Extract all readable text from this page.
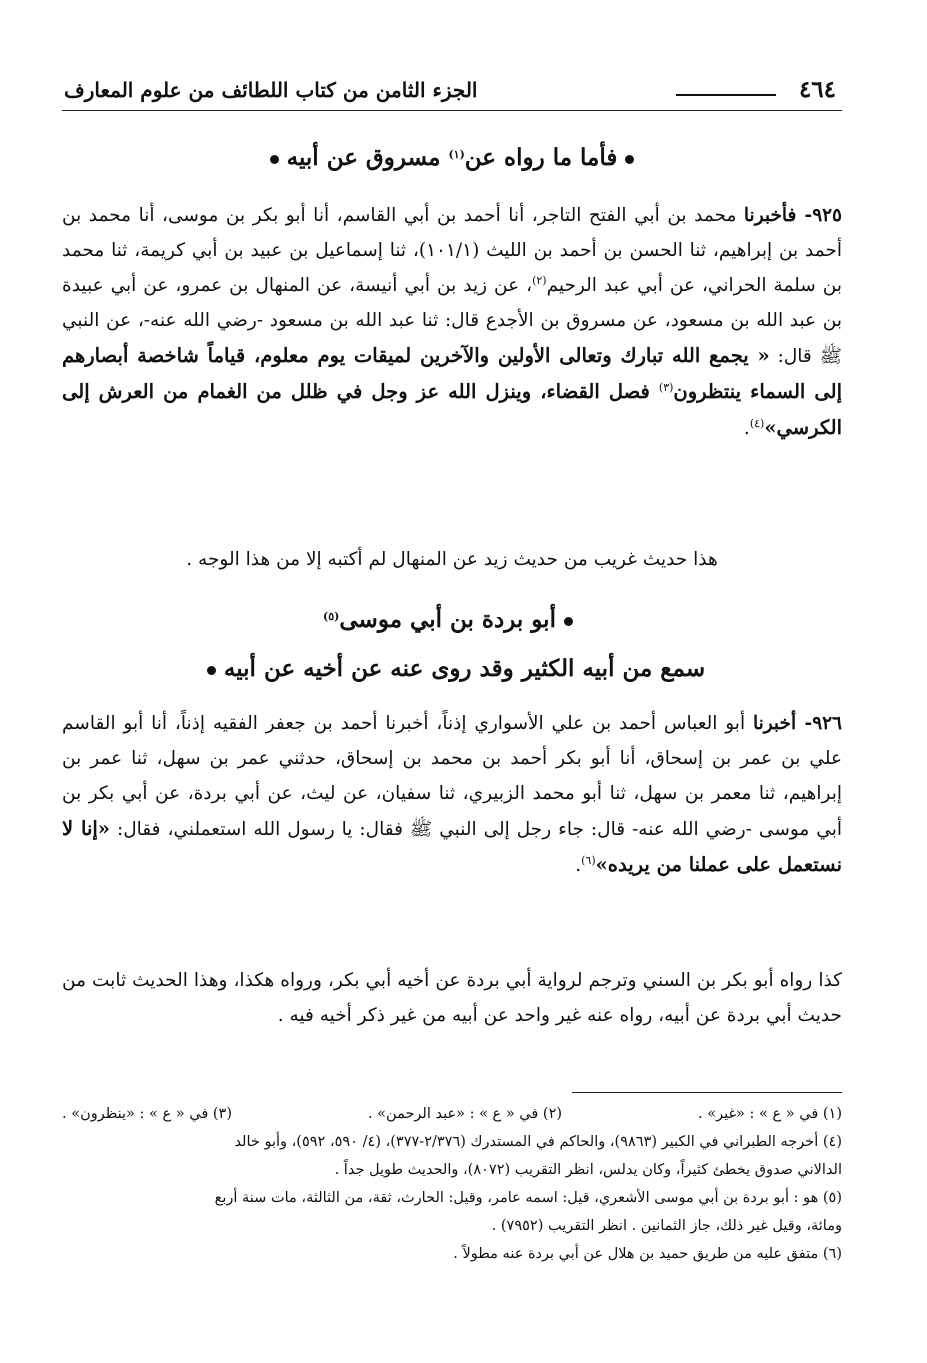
٤٦٤
الجزء الثامن من كتاب اللطائف من علوم المعارف
فأما ما رواه عن$^{(١)}$ مسروق عن أبيه

٩٢٥- فأخبرنا محمد بن أبي الفتح التاجر، أنا أحمد بن أبي القاسم، أنا أبو بكر بن موسى، أنا محمد بن أحمد بن إبراهيم، ثنا الحسن بن أحمد بن الليث (١٠١/١)، ثنا إسماعيل بن عبيد بن أبي كريمة، ثنا محمد بن سلمة الحراني، عن أبي عبد الرحيم$^{(٢)}$، عن زيد بن أبي أنيسة، عن المنهال بن عمرو، عن أبي عبيدة بن عبد الله بن مسعود، عن مسروق بن الأجدع قال: ثنا عبد الله بن مسعود -رضي الله عنه-، عن النبي ﷺ قال: « يجمع الله تبارك وتعالى الأولين والآخرين لميقات يوم معلوم، قياماً شاخصة أبصارهم إلى السماء ينتظرون$^{(٣)}$ فصل القضاء، وينزل الله عز وجل في ظلل من الغمام من العرش إلى الكرسي»$^{(٤)}$.

هذا حديث غريب من حديث زيد عن المنهال لم أكتبه إلا من هذا الوجه .

أبو بردة بن أبي موسى$^{(٥)}$
سمع من أبيه الكثير وقد روى عنه عن أخيه عن أبيه

٩٢٦- أخبرنا أبو العباس أحمد بن علي الأسواري إذناً، أخبرنا أحمد بن جعفر الفقيه إذناً، أنا أبو القاسم علي بن عمر بن إسحاق، أنا أبو بكر أحمد بن محمد بن إسحاق، حدثني عمر بن سهل، ثنا عمر بن إبراهيم، ثنا معمر بن سهل، ثنا أبو محمد الزبيري، ثنا سفيان، عن ليث، عن أبي بردة، عن أبي بكر بن أبي موسى -رضي الله عنه- قال: جاء رجل إلى النبي ﷺ فقال: يا رسول الله استعملني، فقال: «إنا لا نستعمل على عملنا من يريده»$^{(٦)}$.

كذا رواه أبو بكر بن السني وترجم لرواية أبي بردة عن أخيه أبي بكر، ورواه هكذا، وهذا الحديث ثابت من حديث أبي بردة عن أبيه، رواه عنه غير واحد عن أبيه من غير ذكر أخيه فيه .

(١) في « ع » : «غير» .
(٢) في « ع » : «عبد الرحمن» .
(٣) في « ع » : «ينظرون» .
(٤) أخرجه الطبراني في الكبير (٩٨٦٣)، والحاكم في المستدرك (٢/٣٧٦-٣٧٧)، (٤/ ٥٩٠، ٥٩٢)، وأبو خالد
الدالاني صدوق يخطئ كثيراً، وكان يدلس، انظر التقريب (٨٠٧٢)، والحديث طويل جداً .
(٥) هو : أبو بردة بن أبي موسى الأشعري، قيل: اسمه عامر، وقيل: الحارث، ثقة، من الثالثة، مات سنة أربع
ومائة، وقيل غير ذلك، جاز الثمانين . انظر التقريب (٧٩٥٢) .
(٦) متفق عليه من طريق حميد بن هلال عن أبي بردة عنه مطولاً .
